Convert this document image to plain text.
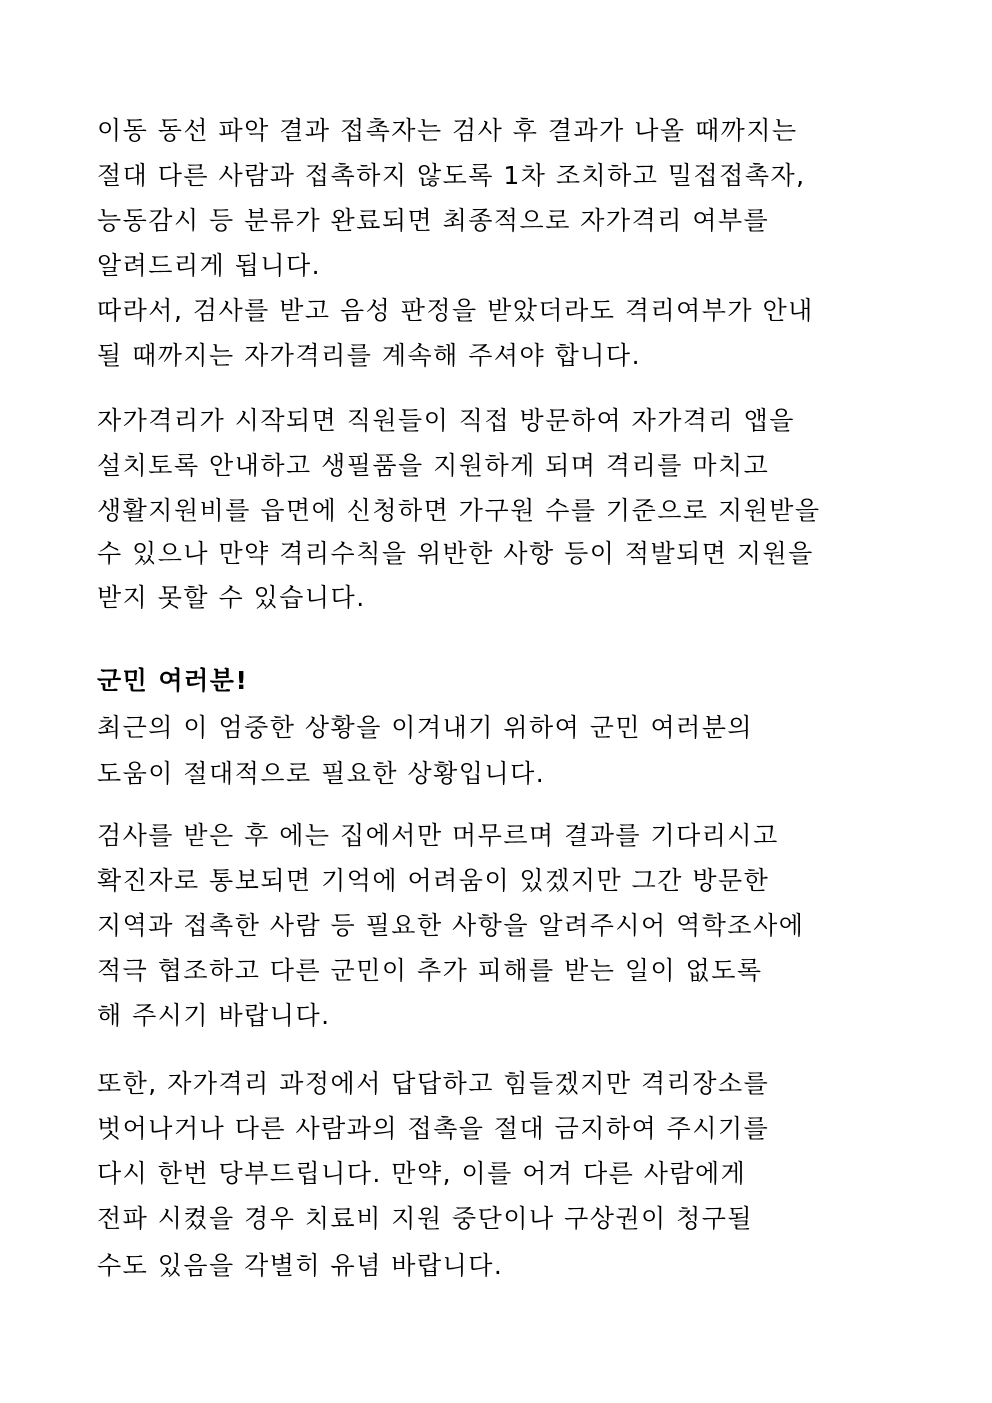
이동 동선 파악 결과 접촉자는 검사 후 결과가 나올 때까지는
절대 다른 사람과 접촉하지 않도록 1차 조치하고 밀접접촉자,
능동감시 등 분류가 완료되면 최종적으로 자가격리 여부를
알려드리게 됩니다.
따라서, 검사를 받고 음성 판정을 받았더라도 격리여부가 안내
될 때까지는 자가격리를 계속해 주셔야 합니다.
자가격리가 시작되면 직원들이 직접 방문하여 자가격리 앱을
설치토록 안내하고 생필품을 지원하게 되며 격리를 마치고
생활지원비를 읍면에 신청하면 가구원 수를 기준으로 지원받을
수 있으나 만약 격리수칙을 위반한 사항 등이 적발되면 지원을
받지 못할 수 있습니다.
군민 여러분!
최근의 이 엄중한 상황을 이겨내기 위하여 군민 여러분의
도움이 절대적으로 필요한 상황입니다.
검사를 받은 후 에는 집에서만 머무르며 결과를 기다리시고
확진자로 통보되면 기억에 어려움이 있겠지만 그간 방문한
지역과 접촉한 사람 등 필요한 사항을 알려주시어 역학조사에
적극 협조하고 다른 군민이 추가 피해를 받는 일이 없도록
해 주시기 바랍니다.
또한, 자가격리 과정에서 답답하고 힘들겠지만 격리장소를
벗어나거나 다른 사람과의 접촉을 절대 금지하여 주시기를
다시 한번 당부드립니다. 만약, 이를 어겨 다른 사람에게
전파 시켰을 경우 치료비 지원 중단이나 구상권이 청구될
수도 있음을 각별히 유념 바랍니다.
